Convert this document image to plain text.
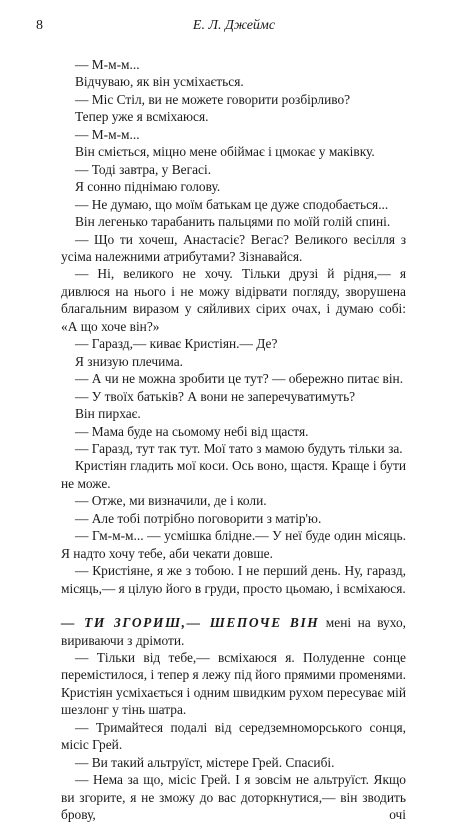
8	Е. Л. Джеймс

— М-м-м...

Відчуваю, як він усміхається.

— Міс Стіл, ви не можете говорити розбірливо?

Тепер уже я всміхаюся.

— М-м-м...

Він сміється, міцно мене обіймає і цмокає у маківку.

— Тоді завтра, у Вегасі.

Я сонно піднімаю голову.

— Не думаю, що моїм батькам це дуже сподобається...

Він легенько тарабанить пальцями по моїй голій спині.

— Що ти хочеш, Анастасіє? Вегас? Великого весілля з усіма належними атрибутами? Зізнавайся.

— Ні, великого не хочу. Тільки друзі й рідня,— я дивлюся на нього і не можу відірвати погляду, зворушена благальним виразом у сяйливих сірих очах, і думаю собі: «А що хоче він?»

— Гаразд,— киває Кристіян.— Де?

Я знизую плечима.

— А чи не можна зробити це тут? — обережно питає він.

— У твоїх батьків? А вони не заперечуватимуть?

Він пирхає.

— Мама буде на сьомому небі від щастя.

— Гаразд, тут так тут. Мої тато з мамою будуть тільки за.

Кристіян гладить мої коси. Ось воно, щастя. Краще і бути не може.

— Отже, ми визначили, де і коли.

— Але тобі потрібно поговорити з матір'ю.

— Гм-м-м... — усмішка блідне.— У неї буде один місяць. Я надто хочу тебе, аби чекати довше.

— Кристіяне, я же з тобою. І не перший день. Ну, гаразд, місяць,— я цілую його в груди, просто цьомаю, і всміхаюся.

— ТИ ЗГОРИШ,— ШЕПОЧЕ ВІН мені на вухо, вириваючи з дрімоти.

— Тільки від тебе,— всміхаюся я. Полуденне сонце перемістилося, і тепер я лежу під його прямими променями. Кристіян усміхається і одним швидким рухом пересуває мій шезлонг у тінь шатра.

— Тримайтеся подалі від середземноморського сонця, місіс Грей.

— Ви такий альтруїст, містере Грей. Спасибі.

— Нема за що, місіс Грей. І я зовсім не альтруїст. Якщо ви згорите, я не зможу до вас доторкнутися,— він зводить брову, очі
